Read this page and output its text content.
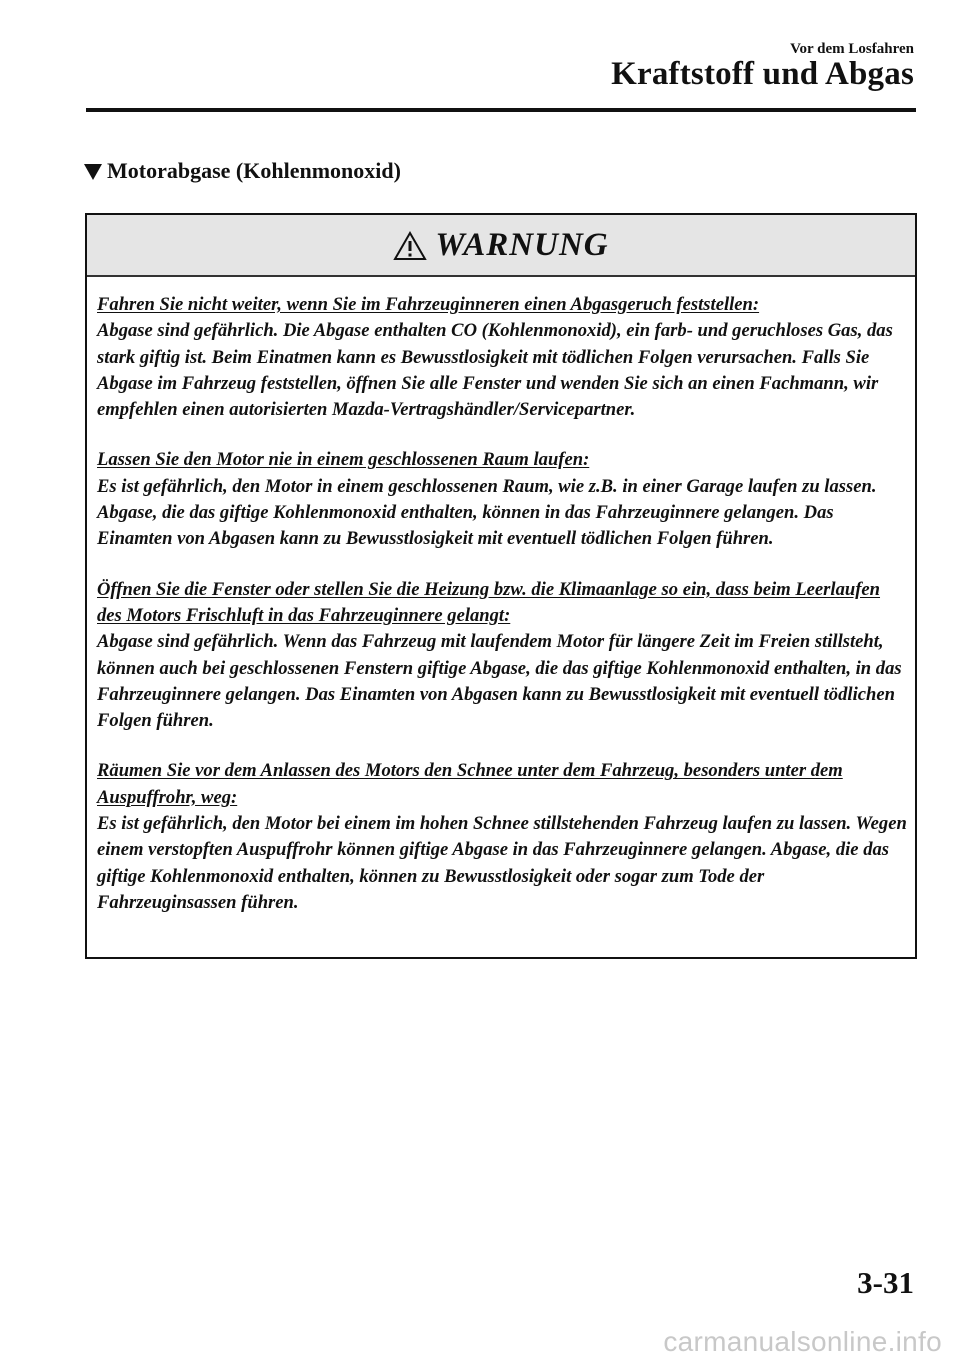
Vor dem Losfahren

Kraftstoff und Abgas
Motorabgase (Kohlenmonoxid)
WARNUNG

Fahren Sie nicht weiter, wenn Sie im Fahrzeuginneren einen Abgasgeruch feststellen:
Abgase sind gefährlich. Die Abgase enthalten CO (Kohlenmonoxid), ein farb- und geruchloses Gas, das stark giftig ist. Beim Einatmen kann es Bewusstlosigkeit mit tödlichen Folgen verursachen. Falls Sie Abgase im Fahrzeug feststellen, öffnen Sie alle Fenster und wenden Sie sich an einen Fachmann, wir empfehlen einen autorisierten Mazda-Vertragshändler/Servicepartner.

Lassen Sie den Motor nie in einem geschlossenen Raum laufen:
Es ist gefährlich, den Motor in einem geschlossenen Raum, wie z.B. in einer Garage laufen zu lassen. Abgase, die das giftige Kohlenmonoxid enthalten, können in das Fahrzeuginnere gelangen. Das Einamten von Abgasen kann zu Bewusstlosigkeit mit eventuell tödlichen Folgen führen.

Öffnen Sie die Fenster oder stellen Sie die Heizung bzw. die Klimaanlage so ein, dass beim Leerlaufen des Motors Frischluft in das Fahrzeuginnere gelangt:
Abgase sind gefährlich. Wenn das Fahrzeug mit laufendem Motor für längere Zeit im Freien stillsteht, können auch bei geschlossenen Fenstern giftige Abgase, die das giftige Kohlenmonoxid enthalten, in das Fahrzeuginnere gelangen. Das Einamten von Abgasen kann zu Bewusstlosigkeit mit eventuell tödlichen Folgen führen.

Räumen Sie vor dem Anlassen des Motors den Schnee unter dem Fahrzeug, besonders unter dem Auspuffrohr, weg:
Es ist gefährlich, den Motor bei einem im hohen Schnee stillstehenden Fahrzeug laufen zu lassen. Wegen einem verstopften Auspuffrohr können giftige Abgase in das Fahrzeuginnere gelangen. Abgase, die das giftige Kohlenmonoxid enthalten, können zu Bewusstlosigkeit oder sogar zum Tode der Fahrzeuginsassen führen.

3-31

carmanualsonline.info
